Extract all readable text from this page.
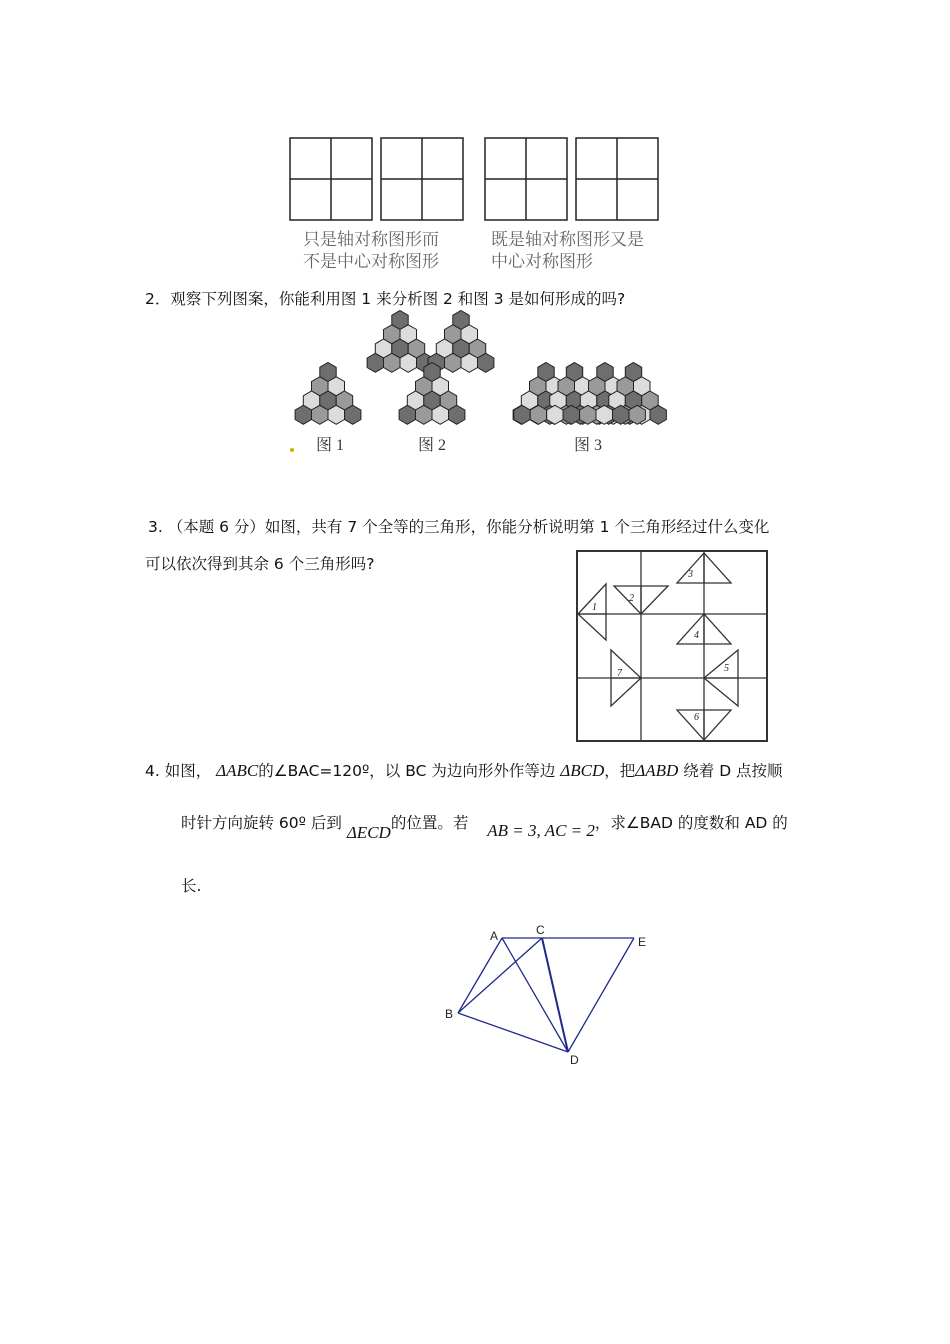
只是轴对称图形而
不是中心对称图形
既是轴对称图形又是
中心对称图形
2．观察下列图案，你能利用图 1 来分析图 2 和图 3 是如何形成的吗?
图 1	图 2	图 3
3. （本题 6 分）如图，共有 7 个全等的三角形，你能分析说明第 1 个三角形经过什么变化
可以依次得到其余 6 个三角形吗?
1
2
3
4
5
6
7
4. 如图， ΔABC的∠BAC=120º，以 BC 为边向形外作等边 ΔBCD，把ΔABD 绕着 D 点按顺
时针方向旋转 60º 后到 ΔECD的位置。若 AB = 3, AC = 2，求∠BAD 的度数和 AD 的
长.
A	C
E
B
D
